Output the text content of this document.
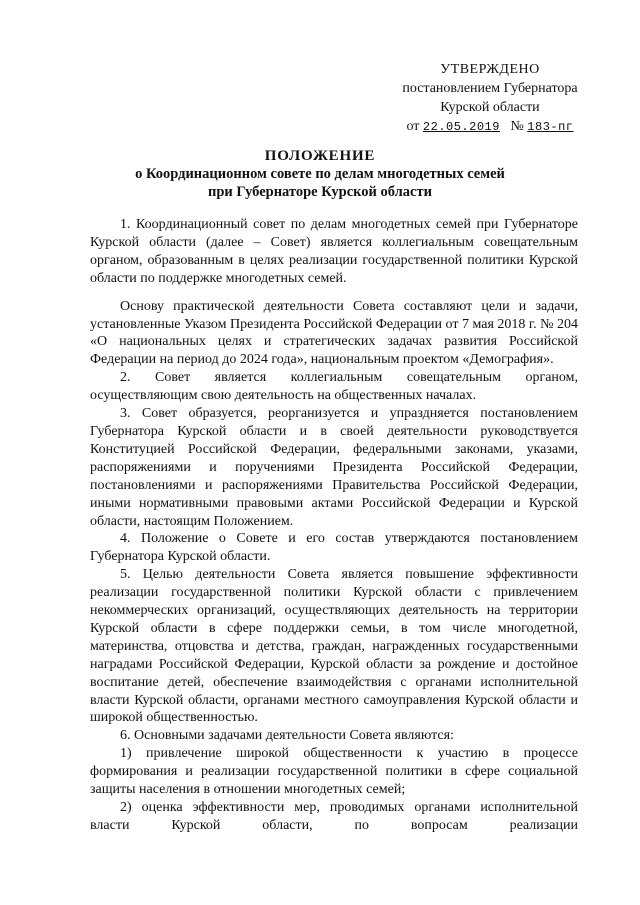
УТВЕРЖДЕНО
постановлением Губернатора
Курской области
от 22.05.2019 № 183-пг
ПОЛОЖЕНИЕ
о Координационном совете по делам многодетных семей
при Губернаторе Курской области

1. Координационный совет по делам многодетных семей при Губернаторе Курской области (далее – Совет) является коллегиальным совещательным органом, образованным в целях реализации государственной политики Курской области по поддержке многодетных семей.

Основу практической деятельности Совета составляют цели и задачи, установленные Указом Президента Российской Федерации от 7 мая 2018 г. № 204 «О национальных целях и стратегических задачах развития Российской Федерации на период до 2024 года», национальным проектом «Демография».

2. Совет является коллегиальным совещательным органом, осуществляющим свою деятельность на общественных началах.

3. Совет образуется, реорганизуется и упраздняется постановлением Губернатора Курской области и в своей деятельности руководствуется Конституцией Российской Федерации, федеральными законами, указами, распоряжениями и поручениями Президента Российской Федерации, постановлениями и распоряжениями Правительства Российской Федерации, иными нормативными правовыми актами Российской Федерации и Курской области, настоящим Положением.

4. Положение о Совете и его состав утверждаются постановлением Губернатора Курской области.

5. Целью деятельности Совета является повышение эффективности реализации государственной политики Курской области с привлечением некоммерческих организаций, осуществляющих деятельность на территории Курской области в сфере поддержки семьи, в том числе многодетной, материнства, отцовства и детства, граждан, награжденных государственными наградами Российской Федерации, Курской области за рождение и достойное воспитание детей, обеспечение взаимодействия с органами исполнительной власти Курской области, органами местного самоуправления Курской области и широкой общественностью.

6. Основными задачами деятельности Совета являются:

1) привлечение широкой общественности к участию в процессе формирования и реализации государственной политики в сфере социальной защиты населения в отношении многодетных семей;

2) оценка эффективности мер, проводимых органами исполнительной власти Курской области, по вопросам реализации
